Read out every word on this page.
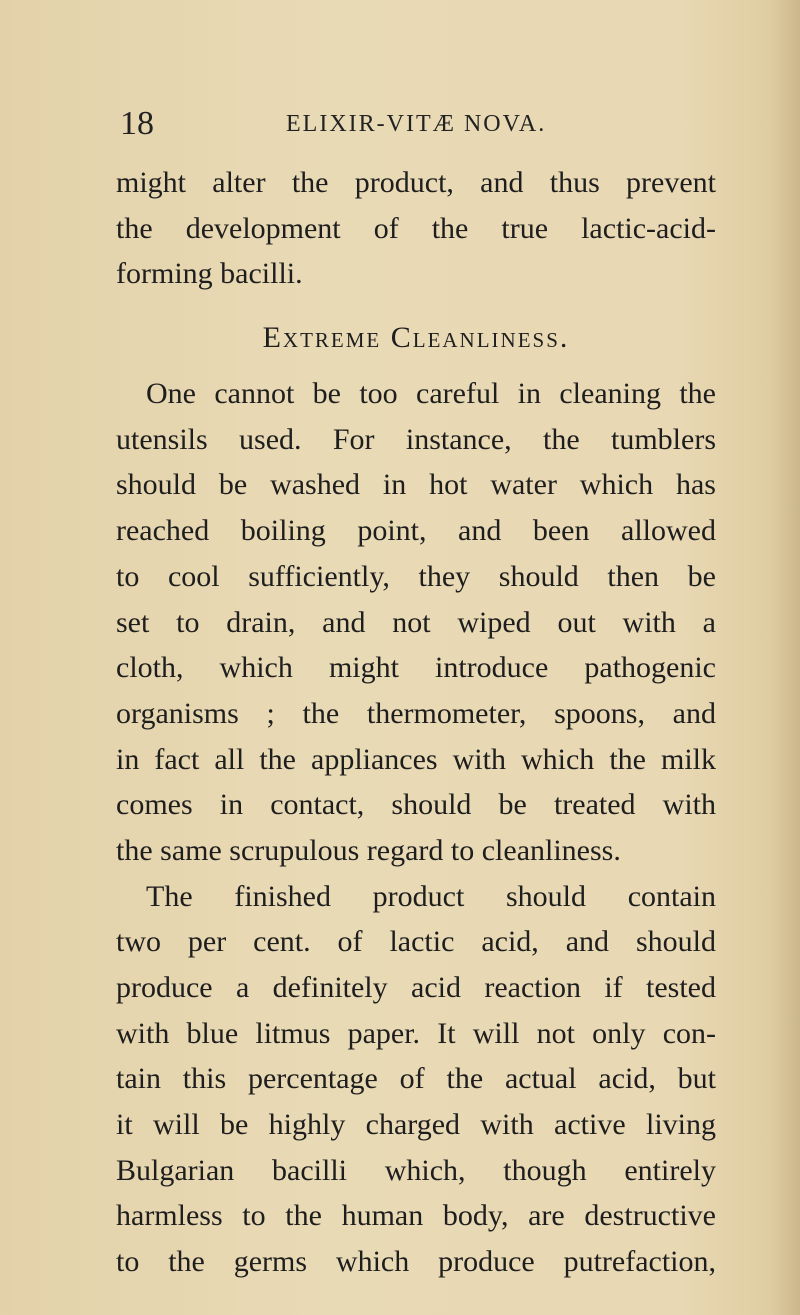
18	ELIXIR-VITÆ NOVA.
might alter the product, and thus prevent
the development of the true lactic-acid-
forming bacilli.
Extreme Cleanliness.
One cannot be too careful in cleaning the
utensils used. For instance, the tumblers
should be washed in hot water which has
reached boiling point, and been allowed
to cool sufficiently, they should then be
set to drain, and not wiped out with a
cloth, which might introduce pathogenic
organisms ; the thermometer, spoons, and
in fact all the appliances with which the milk
comes in contact, should be treated with
the same scrupulous regard to cleanliness.
The finished product should contain
two per cent. of lactic acid, and should
produce a definitely acid reaction if tested
with blue litmus paper. It will not only con-
tain this percentage of the actual acid, but
it will be highly charged with active living
Bulgarian bacilli which, though entirely
harmless to the human body, are destructive
to the germs which produce putrefaction,
